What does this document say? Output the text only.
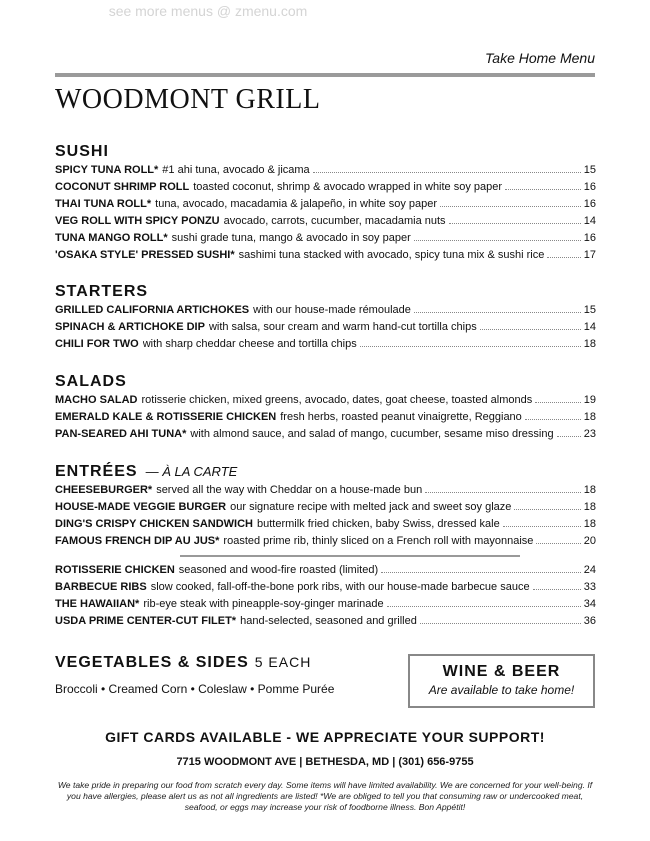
see more menus @ zmenu.com
Take Home Menu
WOODMONT GRILL
SUSHI
SPICY TUNA ROLL* #1 ahi tuna, avocado & jicama	15
COCONUT SHRIMP ROLL toasted coconut, shrimp & avocado wrapped in white soy paper	16
THAI TUNA ROLL* tuna, avocado, macadamia & jalapeño, in white soy paper	16
VEG ROLL WITH SPICY PONZU avocado, carrots, cucumber, macadamia nuts	14
TUNA MANGO ROLL* sushi grade tuna, mango & avocado in soy paper	16
'OSAKA STYLE' PRESSED SUSHI* sashimi tuna stacked with avocado, spicy tuna mix & sushi rice	17
STARTERS
GRILLED CALIFORNIA ARTICHOKES with our house-made rémoulade	15
SPINACH & ARTICHOKE DIP with salsa, sour cream and warm hand-cut tortilla chips	14
CHILI FOR TWO with sharp cheddar cheese and tortilla chips	18
SALADS
MACHO SALAD rotisserie chicken, mixed greens, avocado, dates, goat cheese, toasted almonds	19
EMERALD KALE & ROTISSERIE CHICKEN fresh herbs, roasted peanut vinaigrette, Reggiano	18
PAN-SEARED AHI TUNA* with almond sauce, and salad of mango, cucumber, sesame miso dressing	23
ENTRÉES — À LA CARTE
CHEESEBURGER* served all the way with Cheddar on a house-made bun	18
HOUSE-MADE VEGGIE BURGER our signature recipe with melted jack and sweet soy glaze	18
DING'S CRISPY CHICKEN SANDWICH buttermilk fried chicken, baby Swiss, dressed kale	18
FAMOUS FRENCH DIP AU JUS* roasted prime rib, thinly sliced on a French roll with mayonnaise	20
ROTISSERIE CHICKEN seasoned and wood-fire roasted (limited)	24
BARBECUE RIBS slow cooked, fall-off-the-bone pork ribs, with our house-made barbecue sauce	33
THE HAWAIIAN* rib-eye steak with pineapple-soy-ginger marinade	34
USDA PRIME CENTER-CUT FILET* hand-selected, seasoned and grilled	36
VEGETABLES & SIDES 5 EACH
Broccoli • Creamed Corn • Coleslaw • Pomme Purée
WINE & BEER
Are available to take home!
GIFT CARDS AVAILABLE - WE APPRECIATE YOUR SUPPORT!
7715 WOODMONT AVE | BETHESDA, MD | (301) 656-9755
We take pride in preparing our food from scratch every day. Some items will have limited availability. We are concerned for your well-being. If you have allergies, please alert us as not all ingredients are listed! *We are obliged to tell you that consuming raw or undercooked meat, seafood, or eggs may increase your risk of foodborne illness. Bon Appétit!
